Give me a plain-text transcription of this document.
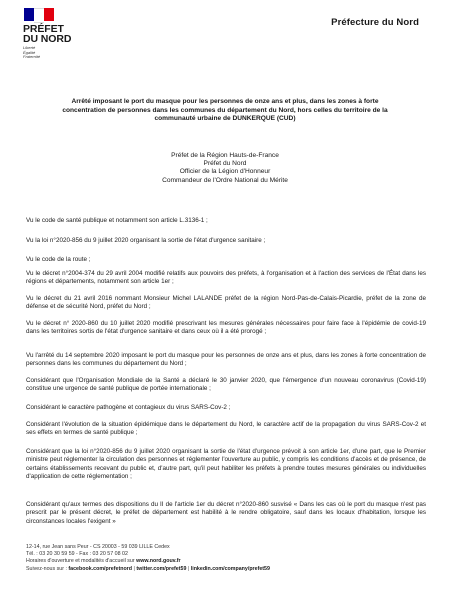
PRÉFET
DU NORD
Liberté
Égalité
Fraternité
Préfecture du Nord
Arrêté imposant le port du masque pour les personnes de onze ans et plus, dans les zones à forte
concentration de personnes dans les communes du département du Nord, hors celles du territoire de la
communauté urbaine de DUNKERQUE (CUD)
Préfet de la Région Hauts-de-France
Préfet du Nord
Officier de la Légion d'Honneur
Commandeur de l'Ordre National du Mérite
Vu le code de santé publique et notamment son article L.3136-1 ;
Vu la loi n°2020-856 du 9 juillet 2020 organisant la sortie de l'état d'urgence sanitaire ;
Vu le code de la route ;
Vu le décret n°2004-374 du 29 avril 2004 modifié relatifs aux pouvoirs des préfets, à l'organisation et à l'action des services de l'État dans les régions et départements, notamment son article 1er ;
Vu le décret du 21 avril 2016 nommant Monsieur Michel LALANDE préfet de la région Nord-Pas-de-Calais-Picardie, préfet de la zone de défense et de sécurité Nord, préfet du Nord ;
Vu le décret n° 2020-860 du 10 juillet 2020 modifié prescrivant les mesures générales nécessaires pour faire face à l'épidémie de covid-19 dans les territoires sortis de l'état d'urgence sanitaire et dans ceux où il a été prorogé ;
Vu l'arrêté du 14 septembre 2020 imposant le port du masque pour les personnes de onze ans et plus, dans les zones à forte concentration de personnes dans les communes du département du Nord ;
Considérant que l'Organisation Mondiale de la Santé a déclaré le 30 janvier 2020, que l'émergence d'un nouveau coronavirus (Covid-19) constitue une urgence de santé publique de portée internationale ;
Considérant le caractère pathogène et contagieux du virus SARS-Cov-2 ;
Considérant l'évolution de la situation épidémique dans le département du Nord, le caractère actif de la propagation du virus SARS-Cov-2 et ses effets en termes de santé publique ;
Considérant que la loi n°2020-856 du 9 juillet 2020 organisant la sortie de l'état d'urgence prévoit à son article 1er, d'une part, que le Premier ministre peut réglementer la circulation des personnes et réglementer l'ouverture au public, y compris les conditions d'accès et de présence, de certains établissements recevant du public et, d'autre part, qu'il peut habiliter les préfets à prendre toutes mesures générales ou individuelles d'application de cette réglementation ;
Considérant qu'aux termes des dispositions du II de l'article 1er du décret n°2020-860 susvisé « Dans les cas où le port du masque n'est pas prescrit par le présent décret, le préfet de département est habilité à le rendre obligatoire, sauf dans les locaux d'habitation, lorsque les circonstances locales l'exigent »
12-14, rue Jean sans Peur - CS 20003 - 59 039 LILLE Cedex
Tél. : 03 20 30 59 59 - Fax : 03 20 57 08 02
Horaires d'ouverture et modalités d'accueil sur www.nord.gouv.fr
Suivez-nous sur : facebook.com/prefetnord | twitter.com/prefet59 | linkedin.com/company/prefet59
